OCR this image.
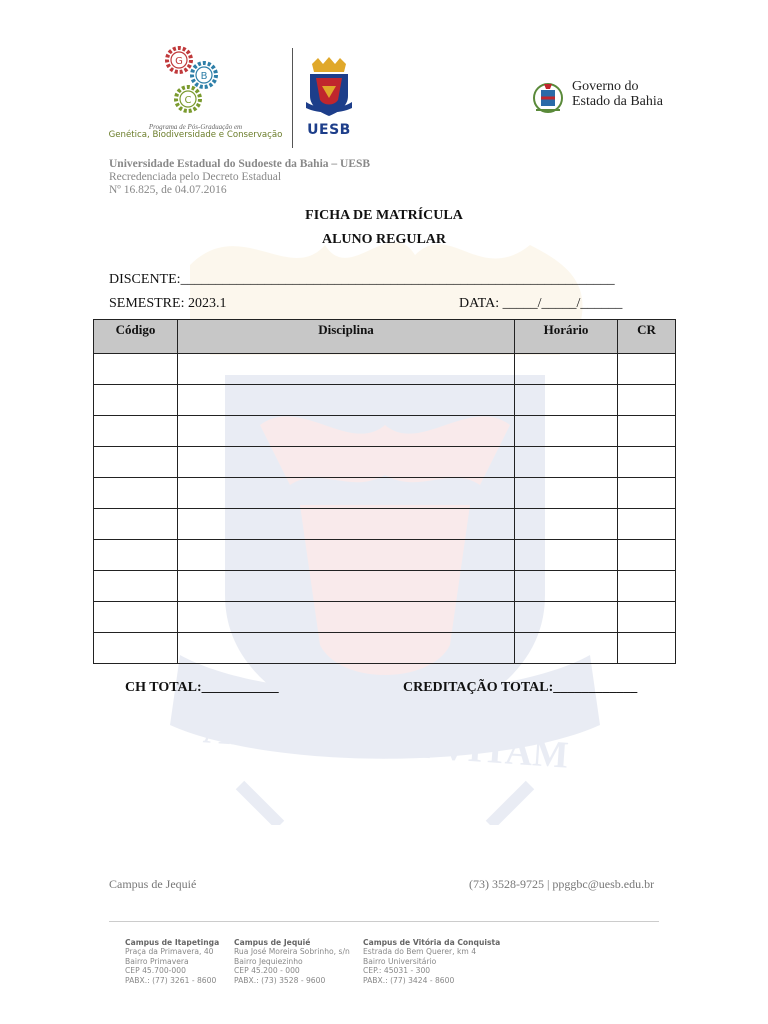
AD PLENAM VITAM
G
B
C
Programa de Pós-Graduação em
Genética, Biodiversidade e Conservação UESB
Governo do
Estado da Bahia
Universidade Estadual do Sudoeste da Bahia – UESB
Recredenciada pelo Decreto Estadual
Nº 16.825, de 04.07.2016
FICHA DE MATRÍCULA
ALUNO REGULAR
DISCENTE:______________________________________________________________
SEMESTRE: 2023.1	DATA: _____/_____/______
Código	Disciplina	Horário	CR

CH TOTAL:___________	CREDITAÇÃO TOTAL:____________
Campus de Jequié	(73) 3528-9725 | ppggbc@uesb.edu.br
Campus de Itapetinga
Praça da Primavera, 40
Bairro Primavera
CEP 45.700-000
PABX.: (77) 3261 - 8600
Campus de Jequié
Rua José Moreira Sobrinho, s/n
Bairro Jequiezinho
CEP 45.200 - 000
PABX.: (73) 3528 - 9600
Campus de Vitória da Conquista
Estrada do Bem Querer, km 4
Bairro Universitário
CEP.: 45031 - 300
PABX.: (77) 3424 - 8600
